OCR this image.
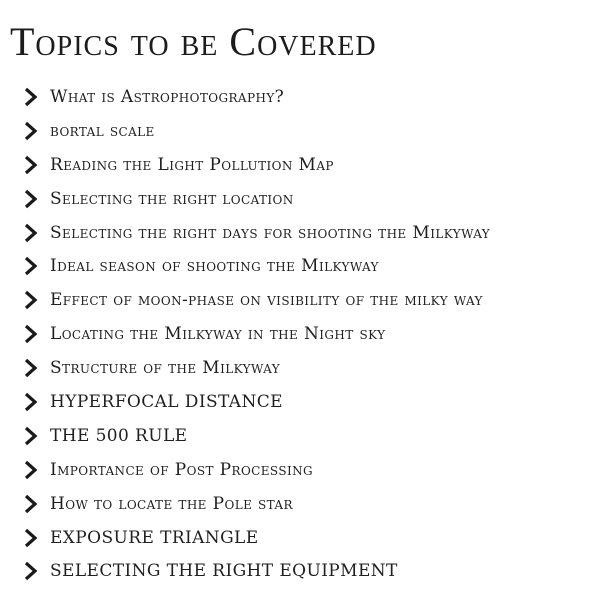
Topics to be Covered
What is Astrophotography?
bortal scale
Reading the Light Pollution Map
Selecting the right location
Selecting the right days for shooting the Milkyway
Ideal season of shooting the Milkyway
Effect of moon-phase on visibility of the milky way
Locating the Milkyway in the Night sky
Structure of the Milkyway
HYPERFOCAL DISTANCE
THE 500 RULE
Importance of Post Processing
How to locate the Pole star
EXPOSURE TRIANGLE
SELECTING THE RIGHT EQUIPMENT
